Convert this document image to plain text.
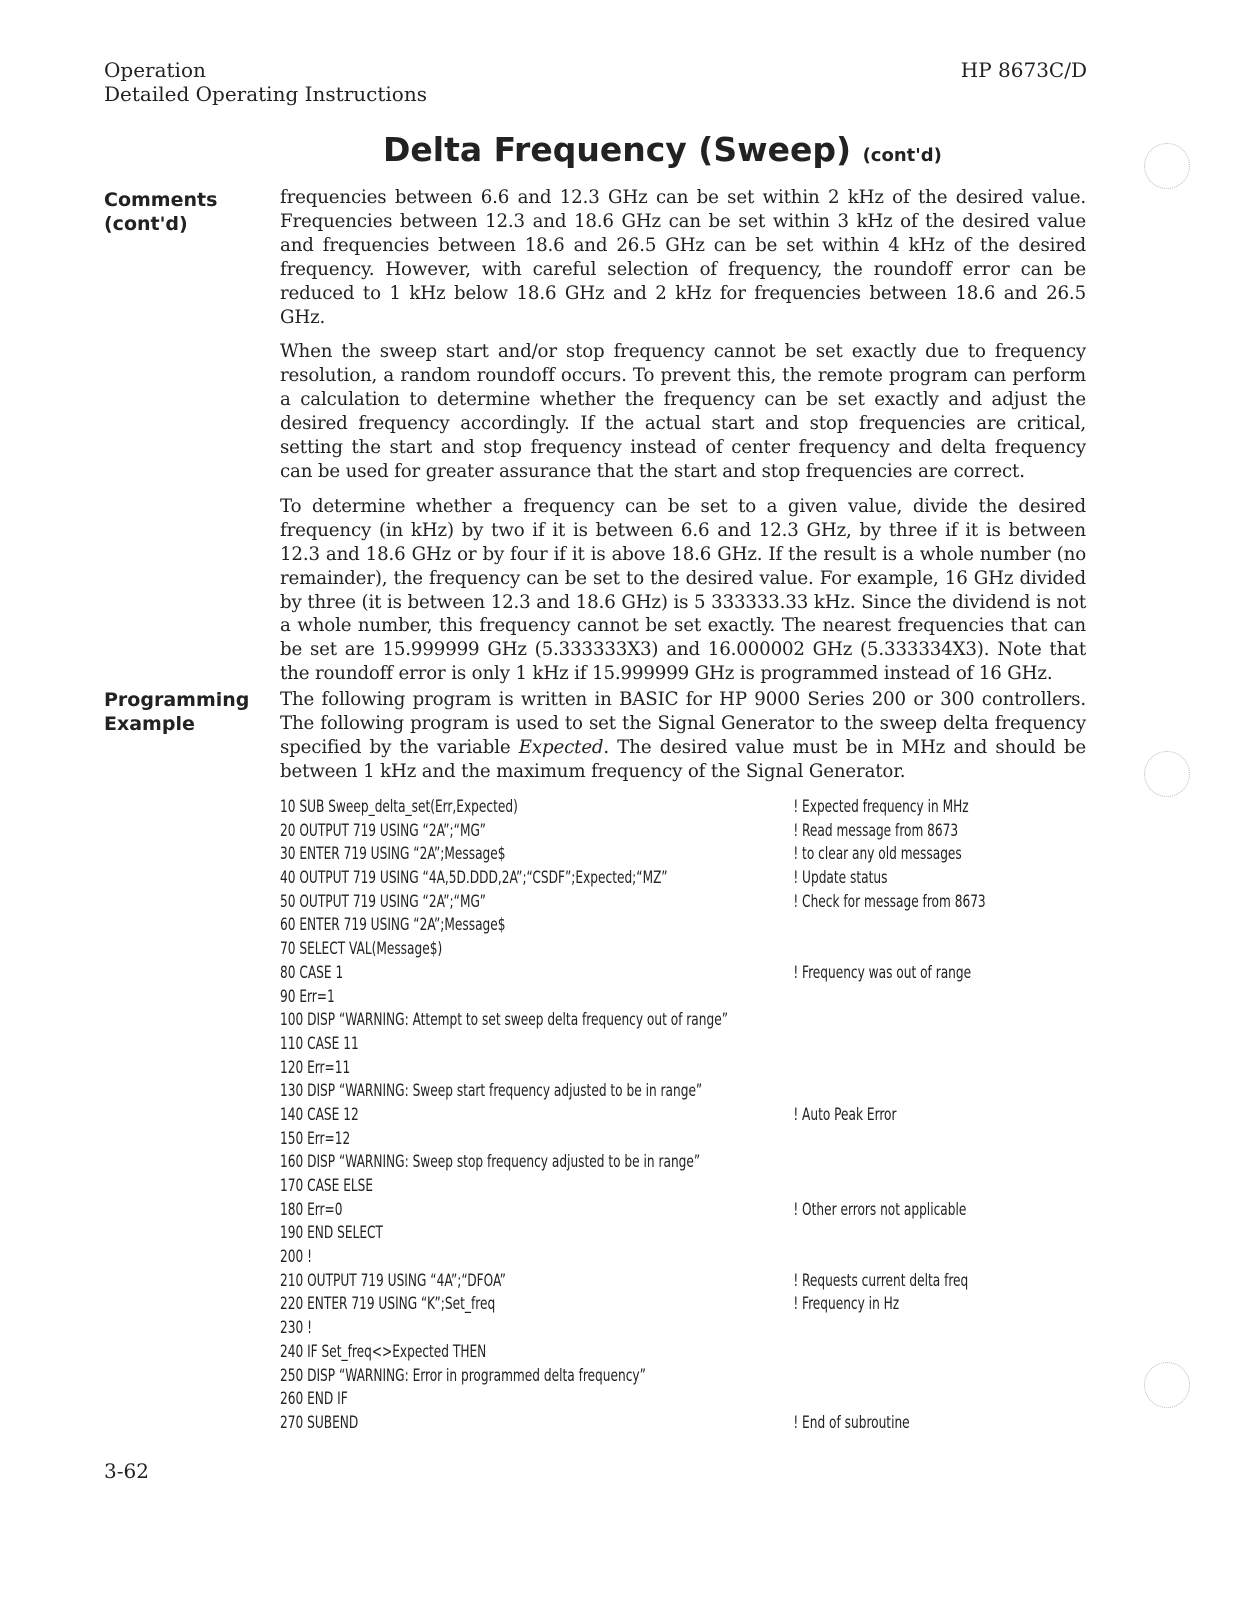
Operation
Detailed Operating Instructions
HP 8673C/D
Delta Frequency (Sweep) (cont'd)
Comments
(cont'd)

frequencies between 6.6 and 12.3 GHz can be set within 2 kHz of the desired value. Frequencies between 12.3 and 18.6 GHz can be set within 3 kHz of the desired value and frequencies between 18.6 and 26.5 GHz can be set within 4 kHz of the desired frequency. However, with careful selection of frequency, the roundoff error can be reduced to 1 kHz below 18.6 GHz and 2 kHz for frequencies between 18.6 and 26.5 GHz.

When the sweep start and/or stop frequency cannot be set exactly due to frequency resolution, a random roundoff occurs. To prevent this, the remote program can perform a calculation to determine whether the frequency can be set exactly and adjust the desired frequency accordingly. If the actual start and stop frequencies are critical, setting the start and stop frequency instead of center frequency and delta frequency can be used for greater assurance that the start and stop frequencies are correct.

To determine whether a frequency can be set to a given value, divide the desired frequency (in kHz) by two if it is between 6.6 and 12.3 GHz, by three if it is between 12.3 and 18.6 GHz or by four if it is above 18.6 GHz. If the result is a whole number (no remainder), the frequency can be set to the desired value. For example, 16 GHz divided by three (it is between 12.3 and 18.6 GHz) is 5 333333.33 kHz. Since the dividend is not a whole number, this frequency cannot be set exactly. The nearest frequencies that can be set are 15.999999 GHz (5.333333X3) and 16.000002 GHz (5.333334X3). Note that the roundoff error is only 1 kHz if 15.999999 GHz is programmed instead of 16 GHz.

Programming
Example

The following program is written in BASIC for HP 9000 Series 200 or 300 controllers. The following program is used to set the Signal Generator to the sweep delta frequency specified by the variable Expected. The desired value must be in MHz and should be between 1 kHz and the maximum frequency of the Signal Generator.

10 SUB Sweep_delta_set(Err,Expected)	! Expected frequency in MHz
20 OUTPUT 719 USING “2A”;“MG”	! Read message from 8673
30 ENTER 719 USING “2A”;Message$	! to clear any old messages
40 OUTPUT 719 USING “4A,5D.DDD,2A”;“CSDF”;Expected;“MZ”	! Update status
50 OUTPUT 719 USING “2A”;“MG”	! Check for message from 8673
60 ENTER 719 USING “2A”;Message$
70 SELECT VAL(Message$)
80 CASE 1	! Frequency was out of range
90 Err=1
100 DISP “WARNING: Attempt to set sweep delta frequency out of range”
110 CASE 11
120 Err=11
130 DISP “WARNING: Sweep start frequency adjusted to be in range”
140 CASE 12	! Auto Peak Error
150 Err=12
160 DISP “WARNING: Sweep stop frequency adjusted to be in range”
170 CASE ELSE
180 Err=0	! Other errors not applicable
190 END SELECT
200 !
210 OUTPUT 719 USING “4A”;“DFOA”	! Requests current delta freq
220 ENTER 719 USING “K”;Set_freq	! Frequency in Hz
230 !
240 IF Set_freq<>Expected THEN
250 DISP “WARNING: Error in programmed delta frequency”
260 END IF
270 SUBEND	! End of subroutine
3-62
